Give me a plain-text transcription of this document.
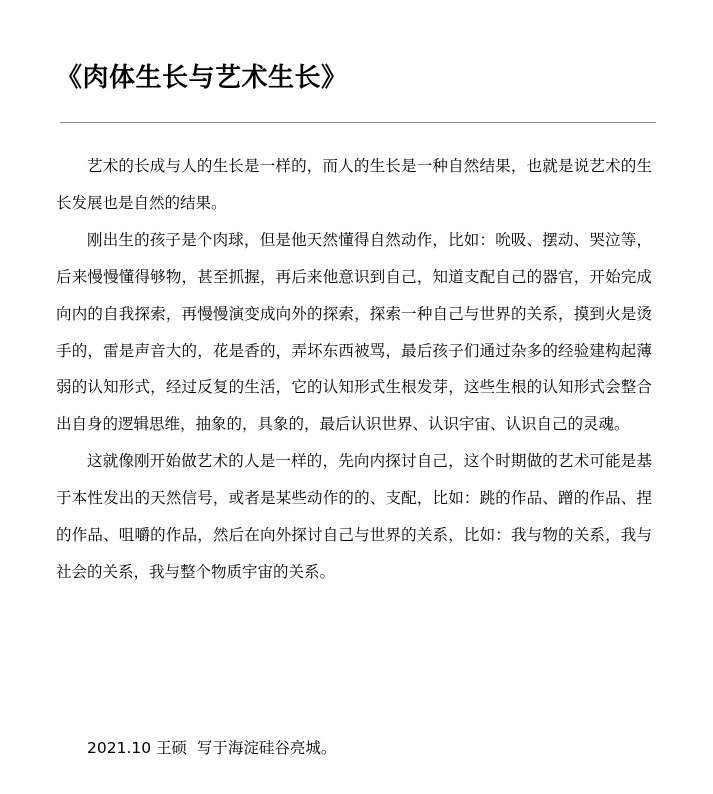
《肉体生长与艺术生长》

艺术的长成与人的生长是一样的，而人的生长是一种自然结果，也就是说艺术的生长发展也是自然的结果。

刚出生的孩子是个肉球，但是他天然懂得自然动作，比如：吮吸、摆动、哭泣等，后来慢慢懂得够物，甚至抓握，再后来他意识到自己，知道支配自己的器官，开始完成向内的自我探索，再慢慢演变成向外的探索，探索一种自己与世界的关系，摸到火是烫手的，雷是声音大的，花是香的，弄坏东西被骂，最后孩子们通过杂多的经验建构起薄弱的认知形式，经过反复的生活，它的认知形式生根发芽，这些生根的认知形式会整合出自身的逻辑思维，抽象的，具象的，最后认识世界、认识宇宙、认识自己的灵魂。

这就像刚开始做艺术的人是一样的，先向内探讨自己，这个时期做的艺术可能是基于本性发出的天然信号，或者是某些动作的的、支配，比如：跳的作品、蹭的作品、捏的作品、咀嚼的作品，然后在向外探讨自己与世界的关系，比如：我与物的关系，我与社会的关系，我与整个物质宇宙的关系。

2021.10 王硕  写于海淀硅谷亮城。
